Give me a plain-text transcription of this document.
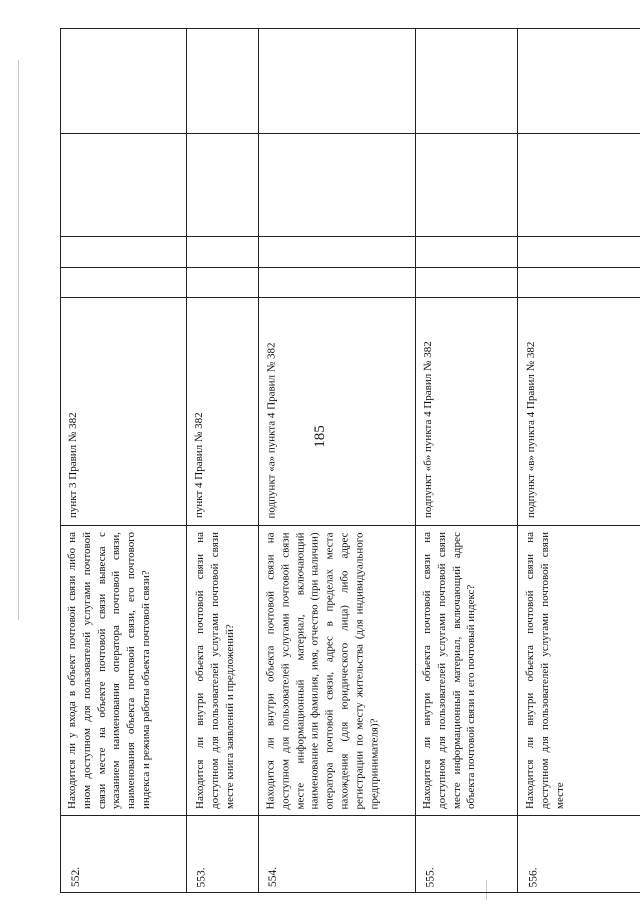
185
552.
Находится ли у входа в объект почтовой связи либо на ином доступном для пользователей услугами почтовой связи месте на объекте почтовой связи вывеска с указанием наименования оператора почтовой связи, наименования объекта почтовой связи, его почтового индекса и режима работы объекта почтовой связи?
пункт 3 Правил № 382
553.
Находится ли внутри объекта почтовой связи на доступном для пользователей услугами почтовой связи месте книга заявлений и предложений?
пункт 4 Правил № 382
554.
Находится ли внутри объекта почтовой связи на доступном для пользователей услугами почтовой связи месте информационный материал, включающий наименование или фамилия, имя, отчество (при наличии) оператора почтовой связи, адрес в пределах места нахождения (для юридического лица) либо адрес регистрации по месту жительства (для индивидуального предпринимателя)?
подпункт «а» пункта 4 Правил № 382
555.
Находится ли внутри объекта почтовой связи на доступном для пользователей услугами почтовой связи месте информационный материал, включающий адрес объекта почтовой связи и его почтовый индекс?
подпункт «б» пункта 4 Правил № 382
556.
Находится ли внутри объекта почтовой связи на доступном для пользователей услугами почтовой связи месте
подпункт «в» пункта 4 Правил № 382
